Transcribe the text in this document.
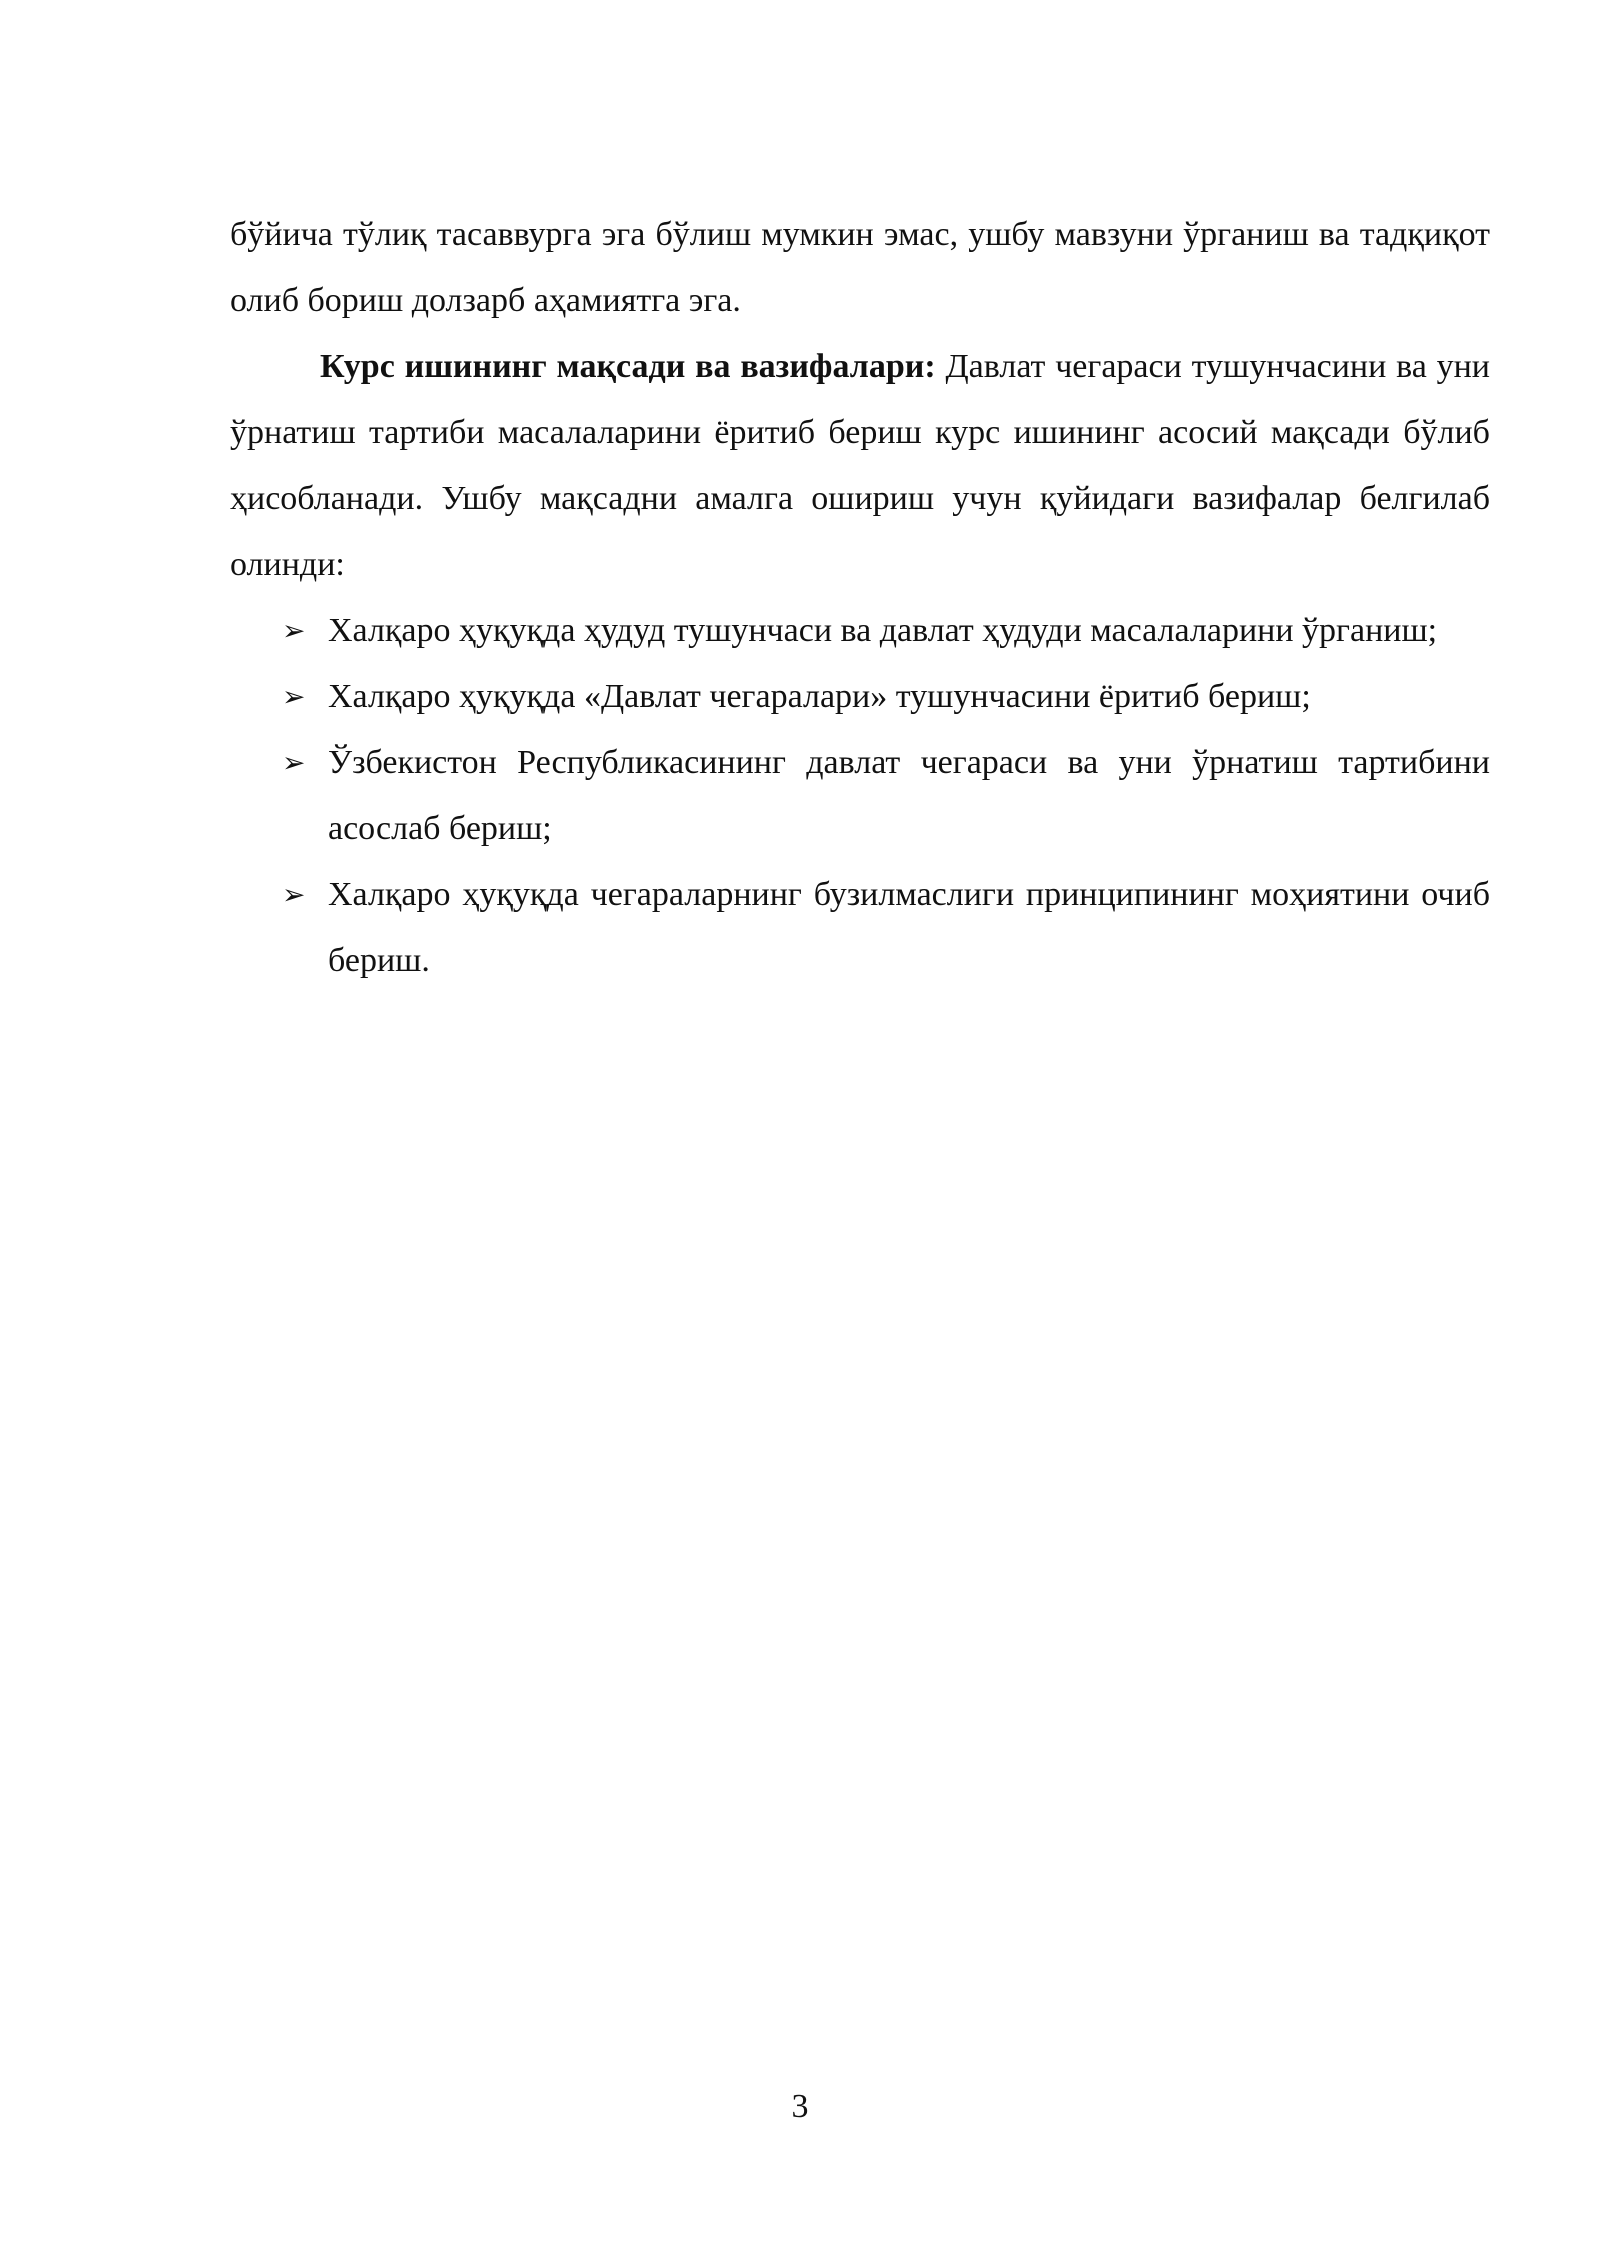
бўйича тўлиқ тасаввурга эга бўлиш мумкин эмас, ушбу мавзуни ўрганиш ва тадқиқот олиб бориш долзарб аҳамиятга эга.

Курс ишининг мақсади ва вазифалари: Давлат чегараси тушунчасини ва уни ўрнатиш тартиби масалаларини ёритиб бериш курс ишининг асосий мақсади бўлиб ҳисобланади. Ушбу мақсадни амалга ошириш учун қуйидаги вазифалар белгилаб олинди:

➢ Халқаро ҳуқуқда ҳудуд тушунчаси ва давлат ҳудуди масалаларини ўрганиш;
➢ Халқаро ҳуқуқда «Давлат чегаралари» тушунчасини ёритиб бериш;
➢ Ўзбекистон Республикасининг давлат чегараси ва уни ўрнатиш тартибини асослаб бериш;
➢ Халқаро ҳуқуқда чегараларнинг бузилмаслиги принципининг моҳиятини очиб бериш.
3
